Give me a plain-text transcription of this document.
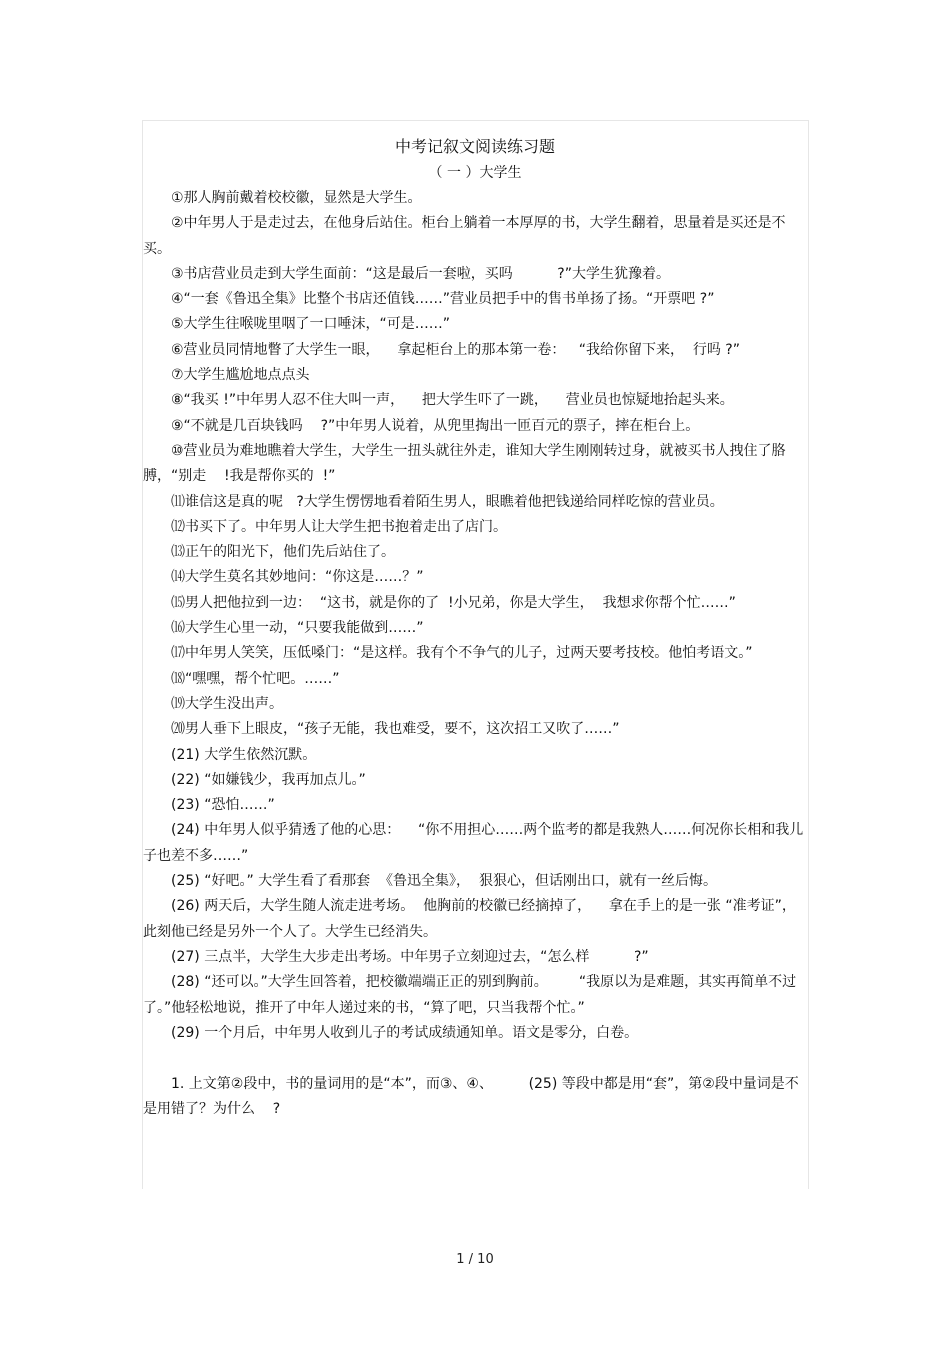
中考记叙文阅读练习题
（ 一 ）大学生

①那人胸前戴着校校徽，显然是大学生。

②中年男人于是走过去，在他身后站住。柜台上躺着一本厚厚的书，大学生翻着，思量着是买还是不买。

③书店营业员走到大学生面前：“这是最后一套啦，买吗          ?”大学生犹豫着。

④“一套《鲁迅全集》比整个书店还值钱……”营业员把手中的售书单扬了扬。“开票吧 ?”

⑤大学生往喉咙里咽了一口唾沫，“可是……”

⑥营业员同情地瞥了大学生一眼，    拿起柜台上的那本第一卷：   “我给你留下来，  行吗 ?”

⑦大学生尴尬地点点头

⑧“我买 !”中年男人忍不住大叫一声，    把大学生吓了一跳，    营业员也惊疑地抬起头来。

⑨“不就是几百块钱吗    ?”中年男人说着，从兜里掏出一匝百元的票子，摔在柜台上。

⑩营业员为难地瞧着大学生，大学生一扭头就往外走，谁知大学生刚刚转过身，就被买书人拽住了胳膊，“别走    !我是帮你买的  !”

⑾谁信这是真的呢   ?大学生愣愣地看着陌生男人，眼瞧着他把钱递给同样吃惊的营业员。

⑿书买下了。中年男人让大学生把书抱着走出了店门。

⒀正午的阳光下，他们先后站住了。

⒁大学生莫名其妙地问：“你这是……？”

⒂男人把他拉到一边：  “这书，就是你的了  !小兄弟，你是大学生，  我想求你帮个忙……”

⒃大学生心里一动，“只要我能做到……”

⒄中年男人笑笑，压低嗓门：“是这样。我有个不争气的儿子，过两天要考技校。他怕考语文。”

⒅“嘿嘿，帮个忙吧。……”

⒆大学生没出声。

⒇男人垂下上眼皮，“孩子无能，我也难受，要不，这次招工又吹了……”

(21) 大学生依然沉默。

(22) “如嫌钱少，我再加点儿。”

(23) “恐怕……”

(24) 中年男人似乎猜透了他的心思：    “你不用担心……两个监考的都是我熟人……何况你长相和我儿子也差不多……”

(25) “好吧。” 大学生看了看那套  《鲁迅全集》，  狠狠心，但话刚出口，就有一丝后悔。

(26) 两天后，大学生随人流走进考场。  他胸前的校徽已经摘掉了，    拿在手上的是一张 “准考证”，此刻他已经是另外一个人了。大学生已经消失。

(27) 三点半，大学生大步走出考场。中年男子立刻迎过去，“怎么样          ?”

(28) “还可以。”大学生回答着，把校徽端端正正的别到胸前。       “我原以为是难题，其实再简单不过了。”他轻松地说，推开了中年人递过来的书，“算了吧，只当我帮个忙。”

(29) 一个月后，中年男人收到儿子的考试成绩通知单。语文是零分，白卷。

1. 上文第②段中，书的量词用的是“本”，而③、④、        (25) 等段中都是用“套”，第②段中量词是不是用错了？为什么    ?

1 / 10
